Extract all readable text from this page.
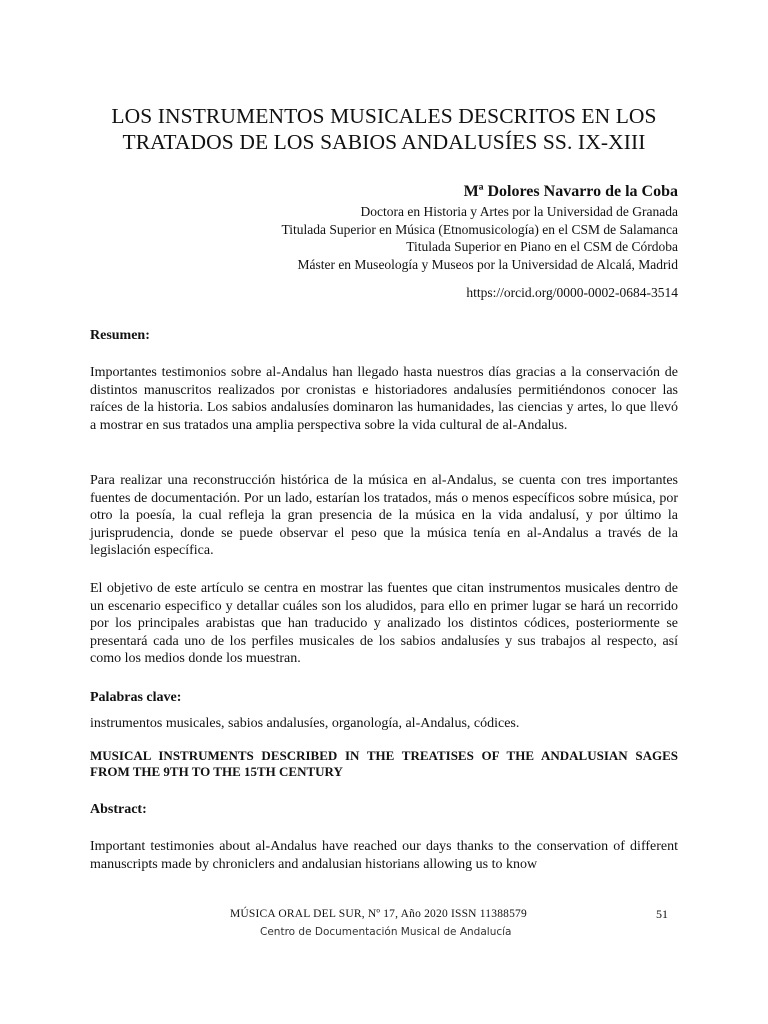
LOS INSTRUMENTOS MUSICALES DESCRITOS EN LOS
TRATADOS DE LOS SABIOS ANDALUSÍES SS. IX-XIII

Mª Dolores Navarro de la Coba

Doctora en Historia y Artes por la Universidad de Granada

Titulada Superior en Música (Etnomusicología) en el CSM de Salamanca

Titulada Superior en Piano en el CSM de Córdoba

Máster en Museología y Museos por la Universidad de Alcalá, Madrid

https://orcid.org/0000-0002-0684-3514

Resumen:

Importantes testimonios sobre al-Andalus han llegado hasta nuestros días gracias a la conservación de distintos manuscritos realizados por cronistas e historiadores andalusíes permitiéndonos conocer las raíces de la historia. Los sabios andalusíes dominaron las humanidades, las ciencias y artes, lo que llevó a mostrar en sus tratados una amplia perspectiva sobre la vida cultural de al-Andalus.

Para realizar una reconstrucción histórica de la música en al-Andalus, se cuenta con tres importantes fuentes de documentación. Por un lado, estarían los tratados, más o menos específicos sobre música, por otro la poesía, la cual refleja la gran presencia de la música en la vida andalusí, y por último la jurisprudencia, donde se puede observar el peso que la música tenía en al-Andalus a través de la legislación específica.

El objetivo de este artículo se centra en mostrar las fuentes que citan instrumentos musicales dentro de un escenario especifico y detallar cuáles son los aludidos, para ello en primer lugar se hará un recorrido por los principales arabistas que han traducido y analizado los distintos códices, posteriormente se presentará cada uno de los perfiles musicales de los sabios andalusíes y sus trabajos al respecto, así como los medios donde los muestran.

Palabras clave:

instrumentos musicales, sabios andalusíes, organología, al-Andalus, códices.

MUSICAL INSTRUMENTS DESCRIBED IN THE TREATISES OF THE ANDALUSIAN SAGES FROM THE 9TH TO THE 15TH CENTURY

Abstract:

Important testimonies about al-Andalus have reached our days thanks to the conservation of different manuscripts made by chroniclers and andalusian historians allowing us to know

MÚSICA ORAL DEL SUR, Nº 17, Año 2020 ISSN 11388579	51
Centro de Documentación Musical de Andalucía
